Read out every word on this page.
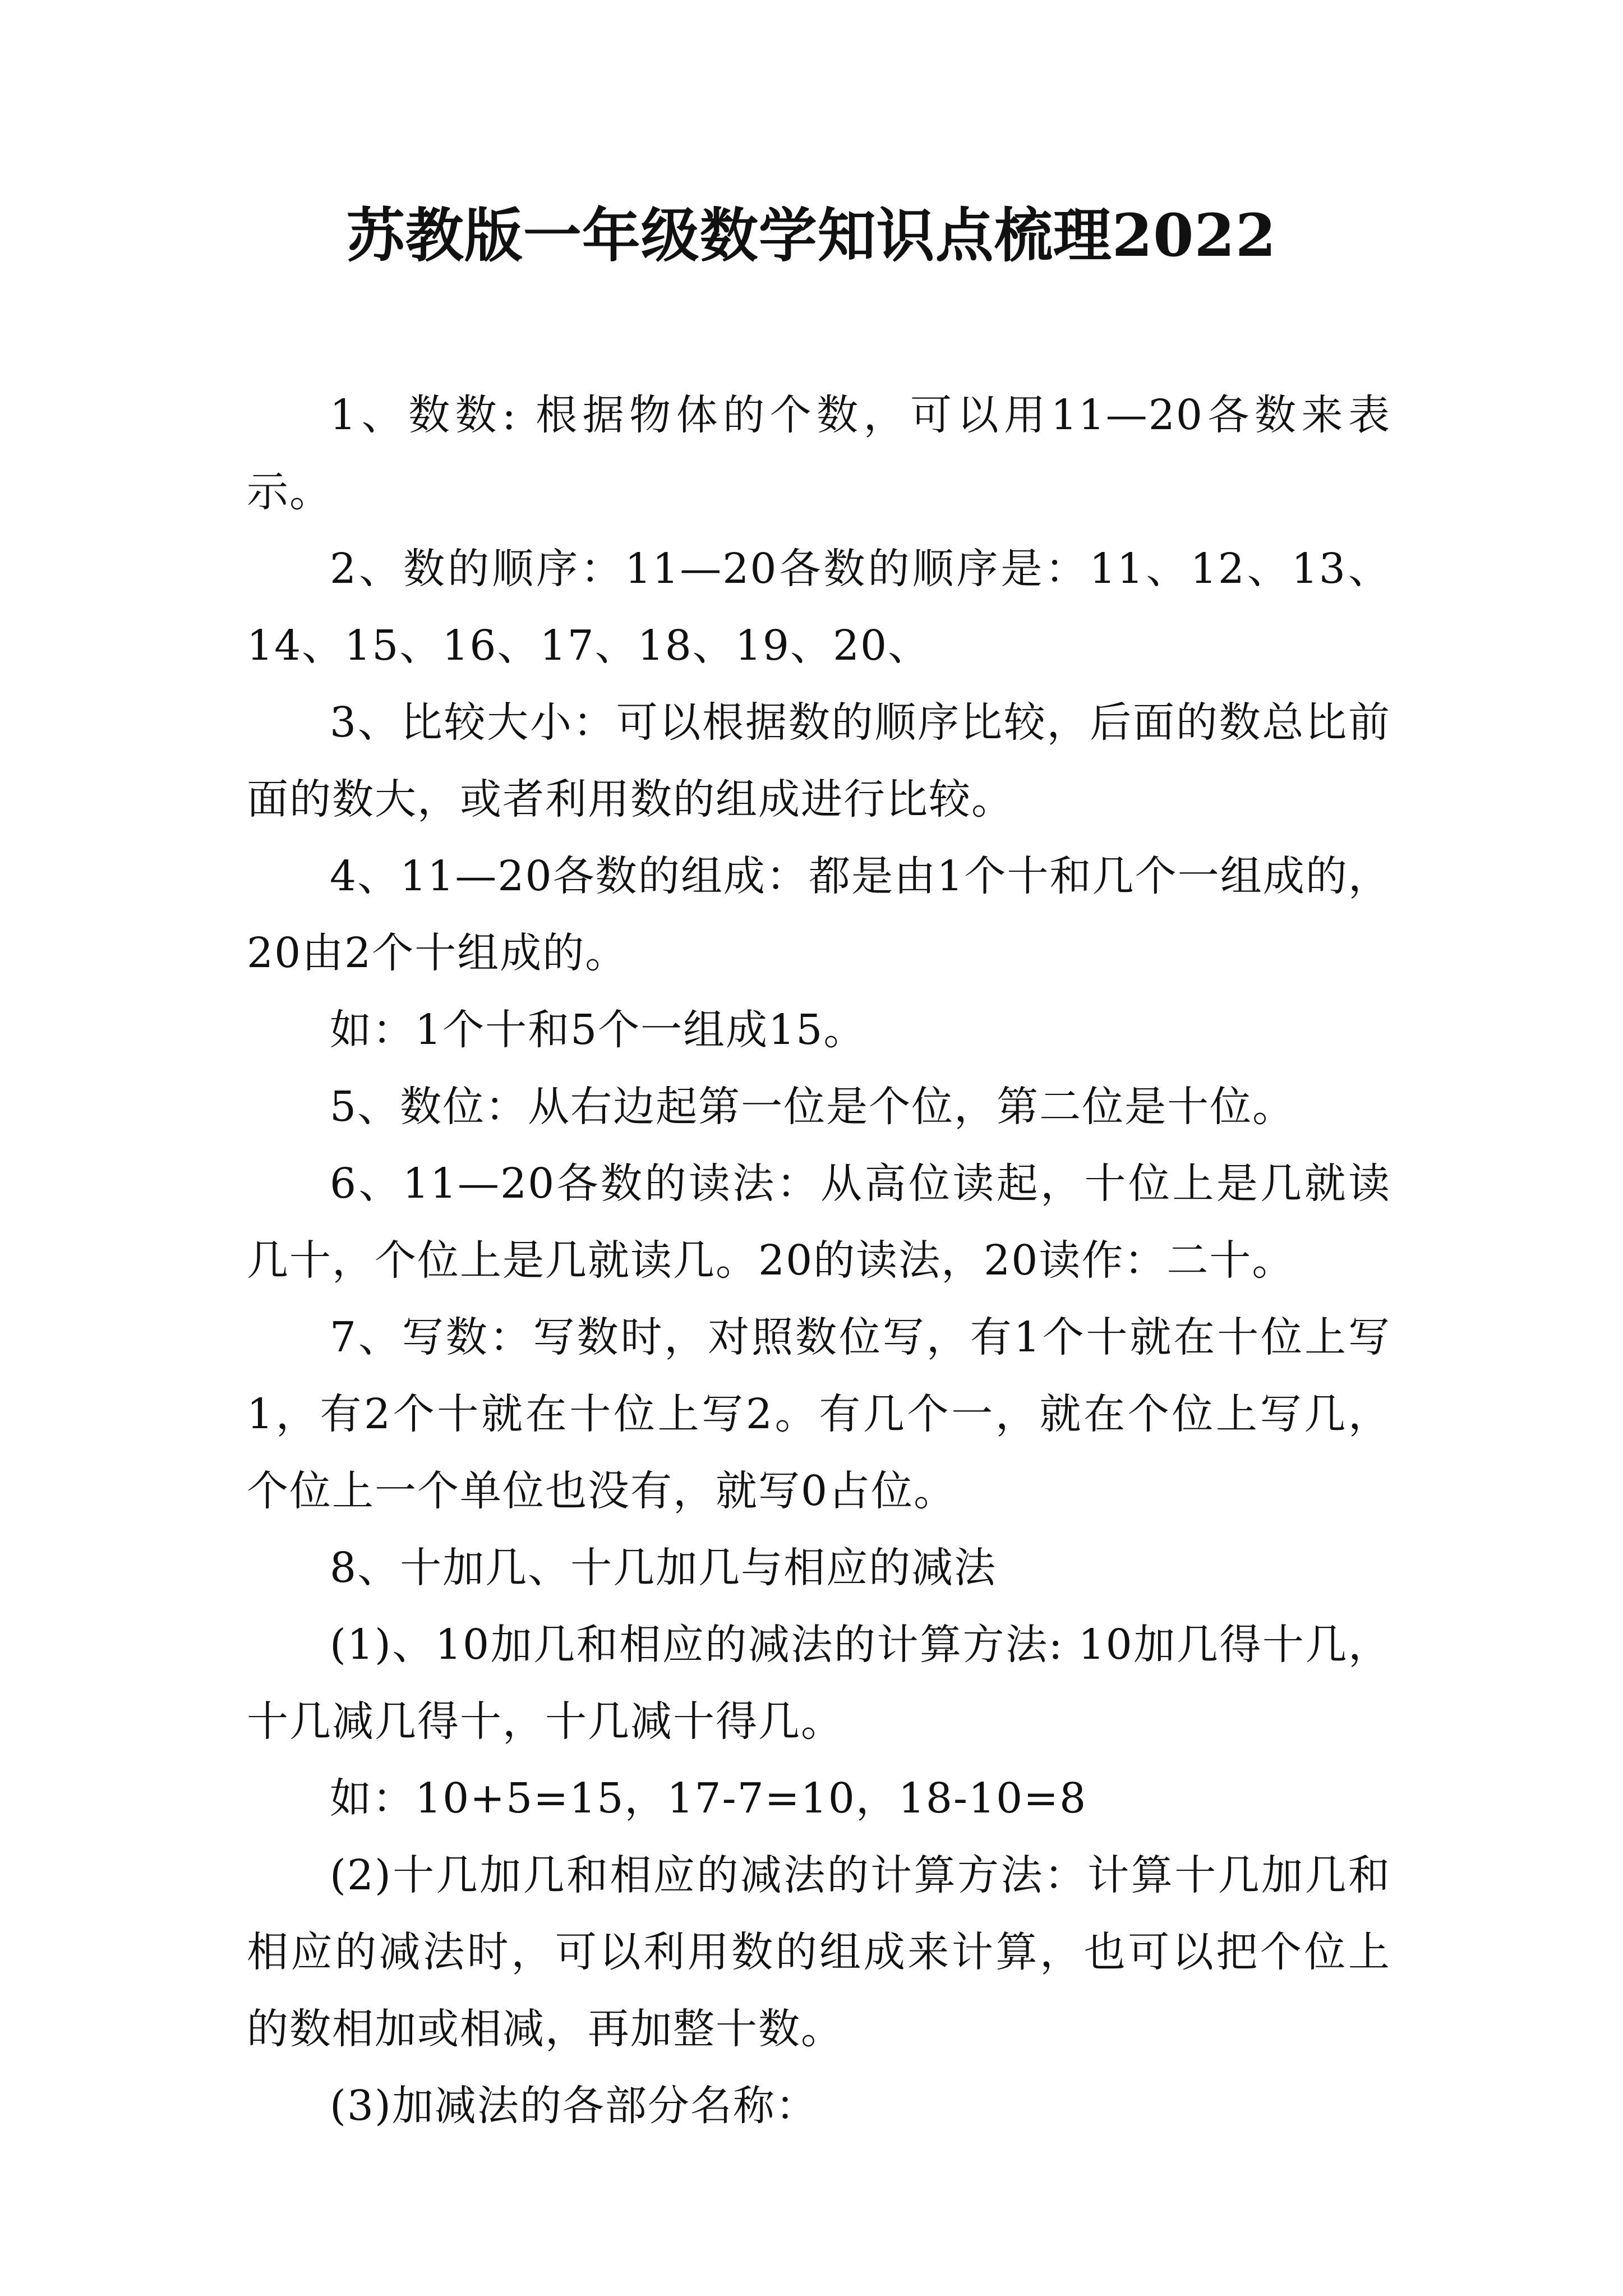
苏教版一年级数学知识点梳理2022

1、数数: 根据物体的个数，可以用11—20各数来表示。

2、数的顺序：11—20各数的顺序是：11、12、13、14、15、16、17、18、19、20、

3、比较大小：可以根据数的顺序比较，后面的数总比前面的数大，或者利用数的组成进行比较。

4、11—20各数的组成：都是由1个十和几个一组成的，20由2个十组成的。

如：1个十和5个一组成15。

5、数位：从右边起第一位是个位，第二位是十位。

6、11—20各数的读法：从高位读起，十位上是几就读几十，个位上是几就读几。20的读法，20读作：二十。

7、写数：写数时，对照数位写，有1个十就在十位上写1，有2个十就在十位上写2。有几个一，就在个位上写几，个位上一个单位也没有，就写0占位。

8、十加几、十几加几与相应的减法

(1)、10加几和相应的减法的计算方法: 10加几得十几，十几减几得十，十几减十得几。

如：10+5=15，17-7=10，18-10=8

(2)十几加几和相应的减法的计算方法：计算十几加几和相应的减法时，可以利用数的组成来计算，也可以把个位上的数相加或相减，再加整十数。

(3)加减法的各部分名称：
